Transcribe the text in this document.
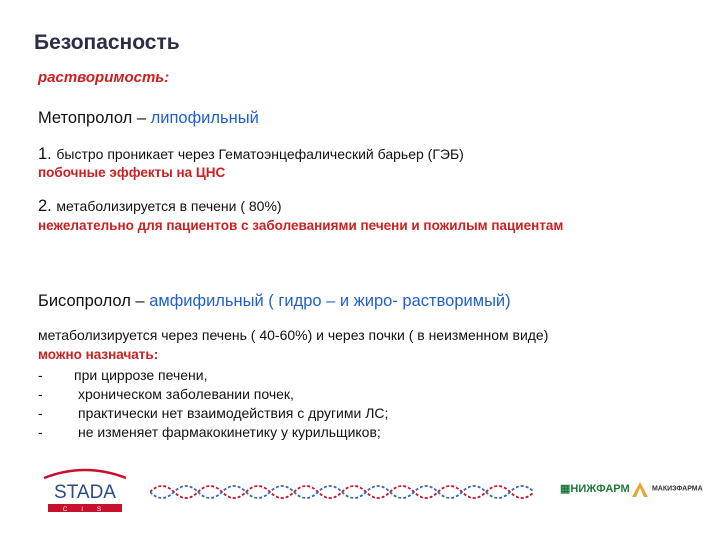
Безопасность
растворимость:
Метопролол – липофильный
1. быстро проникает через Гематоэнцефалический барьер (ГЭБ)
побочные эффекты на ЦНС
2. метаболизируется в печени ( 80%)
нежелательно для пациентов с заболеваниями печени и пожилым пациентам
Бисопролол – амфифильный ( гидро – и жиро- растворимый)
метаболизируется через печень ( 40-60%) и через почки ( в неизменном виде)
можно назначать:
- при циррозе печени,
-	хроническом заболевании почек,
-	практически нет взаимодействия с другими ЛС;
-	не изменяет фармакокинетику у курильщиков;
STADA
C I S
▦НИЖФАРМ	МАКИЗФАРМА
